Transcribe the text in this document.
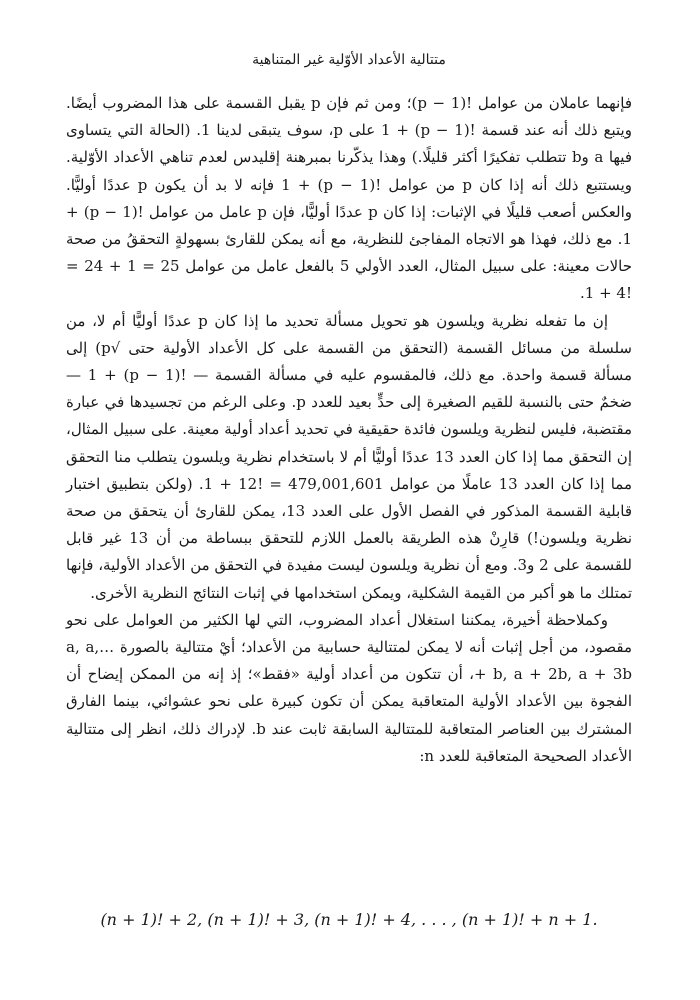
متتالية الأعداد الأوّلية غير المتناهية

فإنهما عاملان من عوامل !(p − 1)؛ ومن ثم فإن p يقبل القسمة على هذا المضروب أيضًا. ويتبع ذلك أنه عند قسمة !(p − 1) + 1 على p، سوف يتبقى لدينا 1. (الحالة التي يتساوى فيها a وb تتطلب تفكيرًا أكثر قليلًا.) وهذا يذكّرنا بمبرهنة إقليدس لعدم تناهي الأعداد الأوّلية. ويستتبع ذلك أنه إذا كان p من عوامل !(p − 1) + 1 فإنه لا بد أن يكون p عددًا أوليًّا. والعكس أصعب قليلًا في الإثبات: إذا كان p عددًا أوليًّا، فإن p عامل من عوامل !(p − 1) + 1. مع ذلك، فهذا هو الاتجاه المفاجئ للنظرية، مع أنه يمكن للقارئ بسهولةٍ التحققُ من صحة حالات معينة: على سبيل المثال، العدد الأولي 5 بالفعل عامل من عوامل 25 = 1 + 24 = !4 + 1.

إن ما تفعله نظرية ويلسون هو تحويل مسألة تحديد ما إذا كان p عددًا أوليًّا أم لا، من سلسلة من مسائل القسمة (التحقق من القسمة على كل الأعداد الأولية حتى √p) إلى مسألة قسمة واحدة. مع ذلك، فالمقسوم عليه في مسألة القسمة — !(p − 1) + 1 — ضخمٌ حتى بالنسبة للقيم الصغيرة إلى حدٍّ بعيد للعدد p. وعلى الرغم من تجسيدها في عبارة مقتضبة، فليس لنظرية ويلسون فائدة حقيقية في تحديد أعداد أولية معينة. على سبيل المثال، إن التحقق مما إذا كان العدد 13 عددًا أوليًّا أم لا باستخدام نظرية ويلسون يتطلب منا التحقق مما إذا كان العدد 13 عاملًا من عوامل 479,001,601 = !12 + 1. (ولكن بتطبيق اختبار قابلية القسمة المذكور في الفصل الأول على العدد 13، يمكن للقارئ أن يتحقق من صحة نظرية ويلسون!) قارِنْ هذه الطريقة بالعمل اللازم للتحقق ببساطة من أن 13 غير قابل للقسمة على 2 و3. ومع أن نظرية ويلسون ليست مفيدة في التحقق من الأعداد الأولية، فإنها تمتلك ما هو أكبر من القيمة الشكلية، ويمكن استخدامها في إثبات النتائج النظرية الأخرى.

وكملاحظة أخيرة، يمكننا استغلال أعداد المضروب، التي لها الكثير من العوامل على نحو مقصود، من أجل إثبات أنه لا يمكن لمتتالية حسابية من الأعداد؛ أيْ متتالية بالصورة …,a, a + b, a + 2b, a + 3b، أن تتكون من أعداد أولية «فقط»؛ إذ إنه من الممكن إيضاح أن الفجوة بين الأعداد الأولية المتعاقبة يمكن أن تكون كبيرة على نحو عشوائي، بينما الفارق المشترك بين العناصر المتعاقبة للمتتالية السابقة ثابت عند b. لإدراك ذلك، انظر إلى متتالية الأعداد الصحيحة المتعاقبة للعدد n:

(n + 1)! + 2, (n + 1)! + 3, (n + 1)! + 4, . . . , (n + 1)! + n + 1.
